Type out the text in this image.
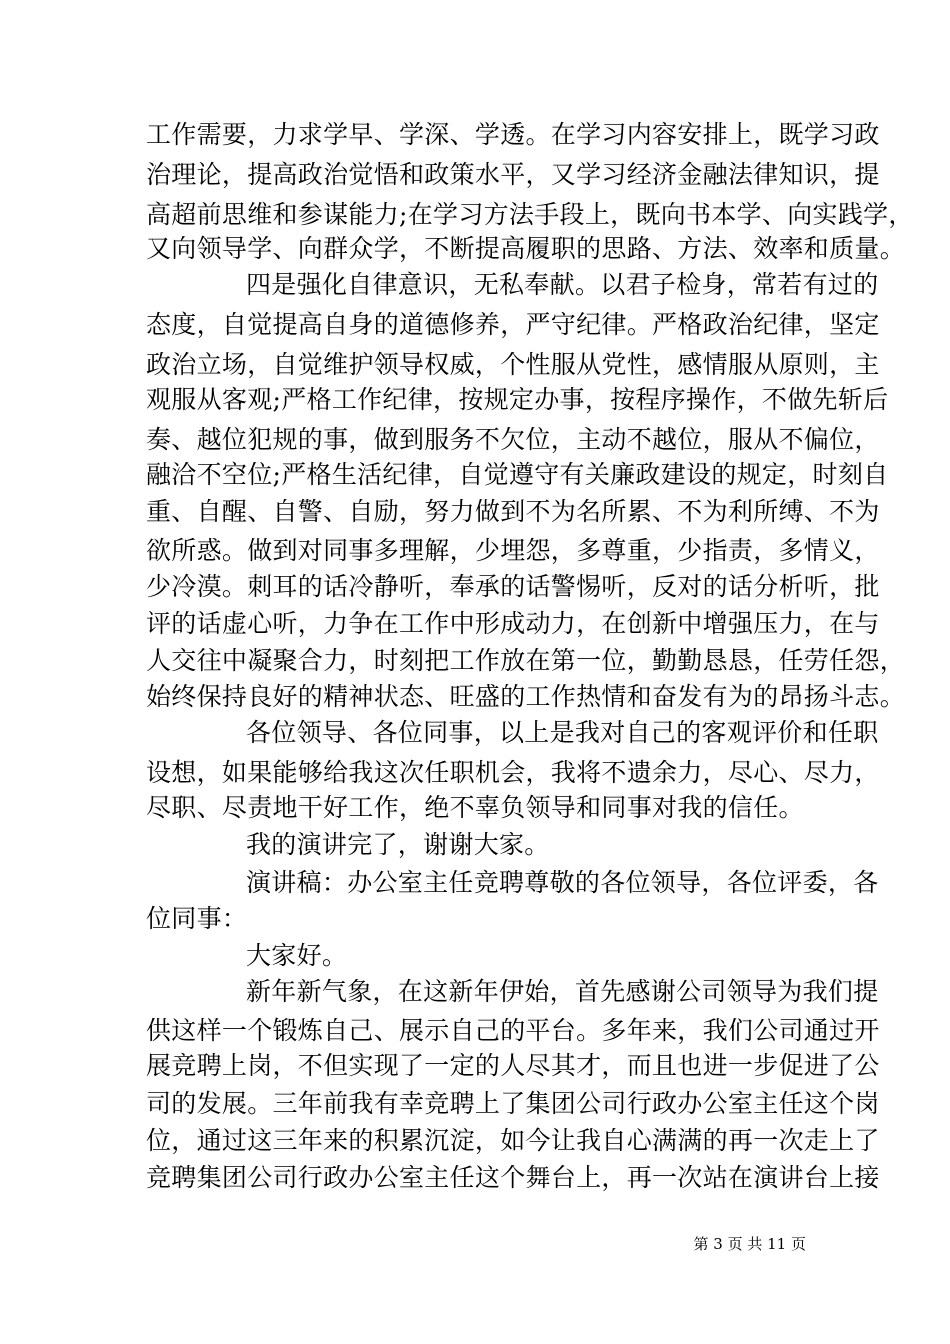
工作需要，力求学早、学深、学透。在学习内容安排上，既学习政
治理论，提高政治觉悟和政策水平，又学习经济金融法律知识，提
高超前思维和参谋能力;在学习方法手段上，既向书本学、向实践学，
又向领导学、向群众学，不断提高履职的思路、方法、效率和质量。
四是强化自律意识，无私奉献。以君子检身，常若有过的
态度，自觉提高自身的道德修养，严守纪律。严格政治纪律，坚定
政治立场，自觉维护领导权威，个性服从党性，感情服从原则，主
观服从客观;严格工作纪律，按规定办事，按程序操作，不做先斩后
奏、越位犯规的事，做到服务不欠位，主动不越位，服从不偏位，
融洽不空位;严格生活纪律，自觉遵守有关廉政建设的规定，时刻自
重、自醒、自警、自励，努力做到不为名所累、不为利所缚、不为
欲所惑。做到对同事多理解，少埋怨，多尊重，少指责，多情义，
少冷漠。刺耳的话冷静听，奉承的话警惕听，反对的话分析听，批
评的话虚心听，力争在工作中形成动力，在创新中增强压力，在与
人交往中凝聚合力，时刻把工作放在第一位，勤勤恳恳，任劳任怨，
始终保持良好的精神状态、旺盛的工作热情和奋发有为的昂扬斗志。
各位领导、各位同事，以上是我对自己的客观评价和任职
设想，如果能够给我这次任职机会，我将不遗余力，尽心、尽力，
尽职、尽责地干好工作，绝不辜负领导和同事对我的信任。
我的演讲完了，谢谢大家。
演讲稿：办公室主任竞聘尊敬的各位领导，各位评委，各
位同事：
大家好。
新年新气象，在这新年伊始，首先感谢公司领导为我们提
供这样一个锻炼自己、展示自己的平台。多年来，我们公司通过开
展竞聘上岗，不但实现了一定的人尽其才，而且也进一步促进了公
司的发展。三年前我有幸竞聘上了集团公司行政办公室主任这个岗
位，通过这三年来的积累沉淀，如今让我自心满满的再一次走上了
竞聘集团公司行政办公室主任这个舞台上，再一次站在演讲台上接
第 3 页 共 11 页
